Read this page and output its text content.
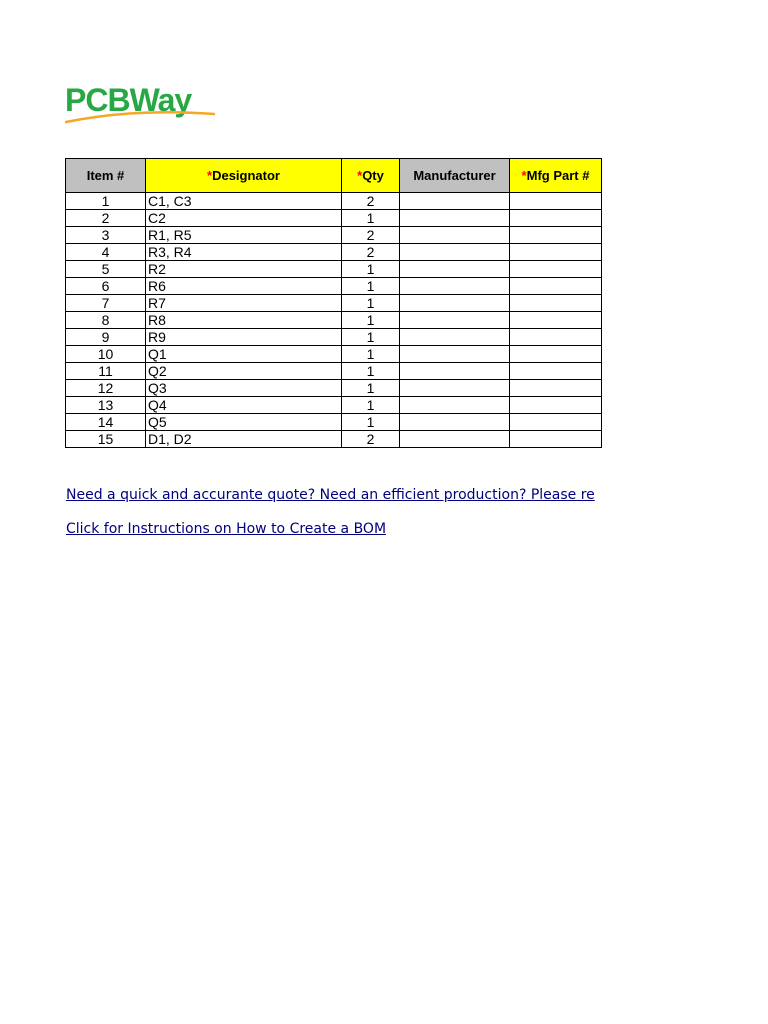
PCBWay
Item #	*Designator	*Qty	Manufacturer	*Mfg Part #
1	C1, C3	2		
2	C2	1		
3	R1, R5	2		
4	R3, R4	2		
5	R2	1		
6	R6	1		
7	R7	1		
8	R8	1		
9	R9	1		
10	Q1	1		
11	Q2	1		
12	Q3	1		
13	Q4	1		
14	Q5	1		
15	D1, D2	2		
Need a quick and accurante quote? Need an efficient production? Please re
Click for Instructions on How to Create a BOM
